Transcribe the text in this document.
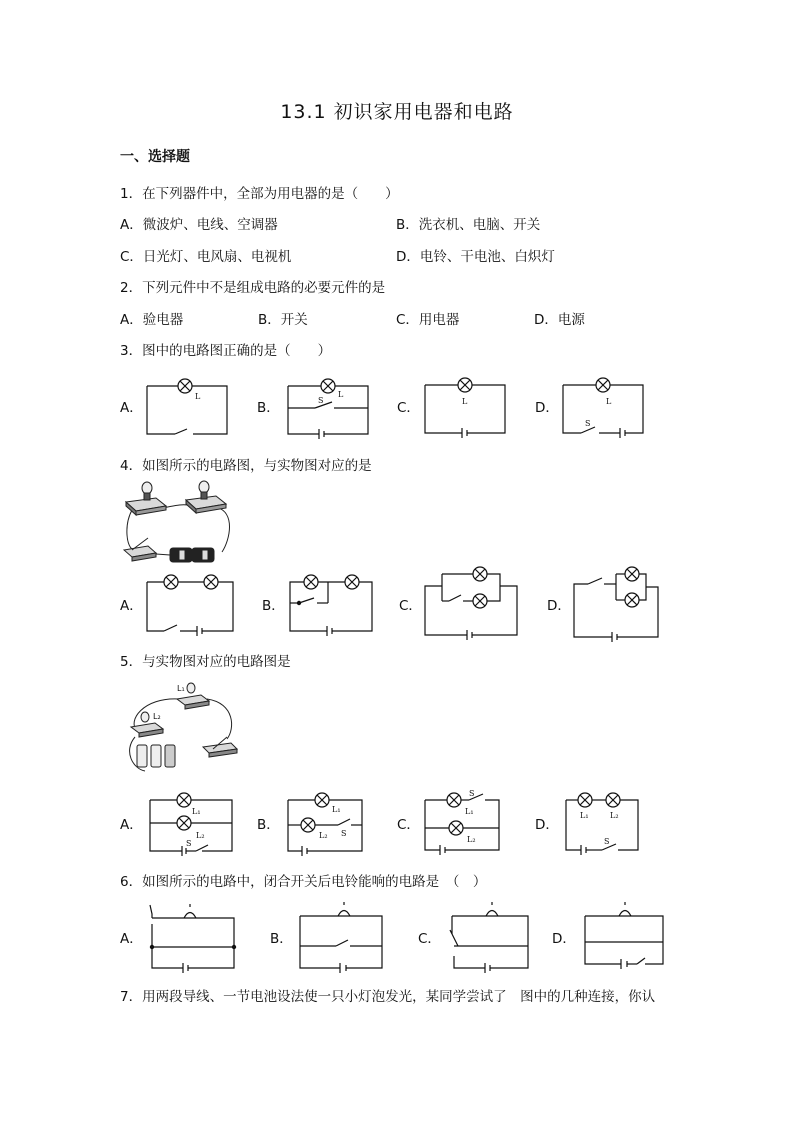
13.1 初识家用电器和电路
一、选择题
1．在下列器件中，全部为用电器的是（　　）
A．微波炉、电线、空调器	B．洗衣机、电脑、开关
C．日光灯、电风扇、电视机	D．电铃、干电池、白炽灯
2．下列元件中不是组成电路的必要元件的是
A．验电器	B．开关	C．用电器	D．电源
3．图中的电路图正确的是（　　）
A．	B．	C．	D．
L	L
S	L	L
S
4．如图所示的电路图，与实物图对应的是
A．	B．	C．	D．
5．与实物图对应的电路图是
L₁
L₂
A．	B．	C．	D．
L₁
L₂
S
L₁
L₂ S
S
L₁
L₂
L₁	L₂
S
6．如图所示的电路中，闭合开关后电铃能响的电路是　（　）
A．	B．	C．	D．
7．用两段导线、一节电池设法使一只小灯泡发光，某同学尝试了　图中的几种连接，你认
